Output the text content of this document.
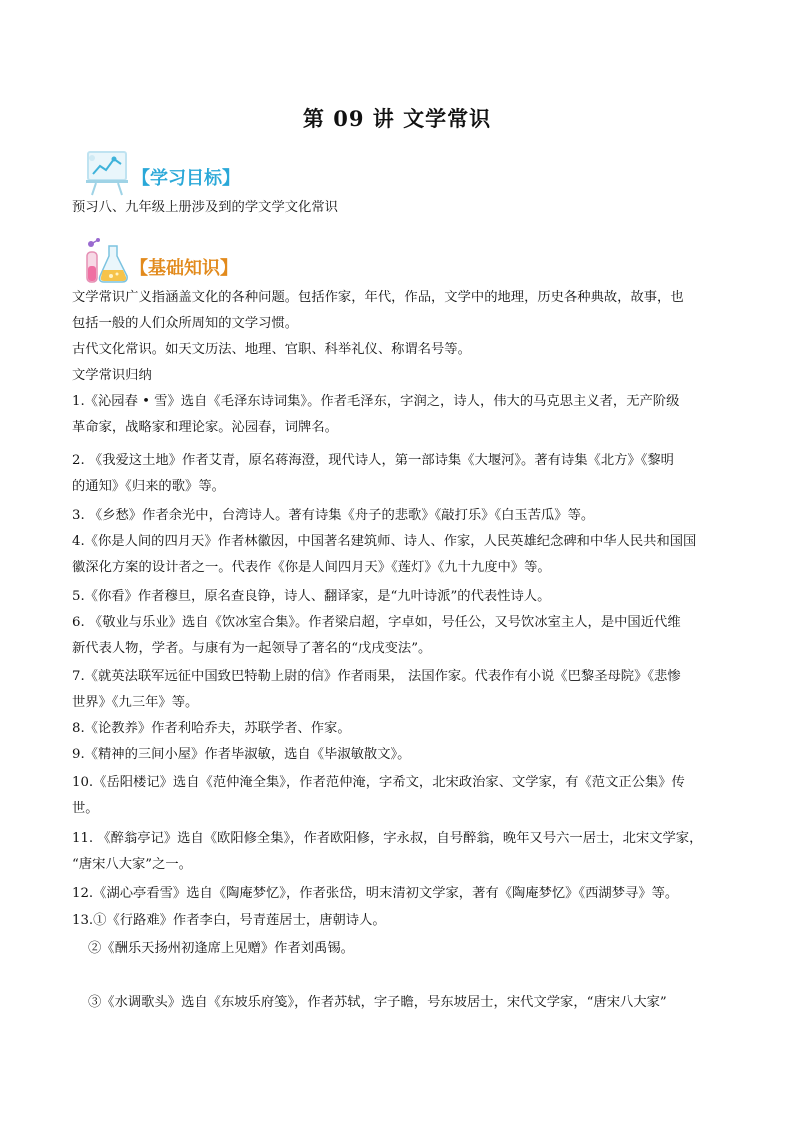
第 09 讲 文学常识
【学习目标】
预习八、九年级上册涉及到的学文学文化常识
【基础知识】
文学常识广义指涵盖文化的各种问题。包括作家，年代，作品，文学中的地理，历史各种典故，故事，也
包括一般的人们众所周知的文学习惯。
古代文化常识。如天文历法、地理、官职、科举礼仪、称谓名号等。
文学常识归纳
1.《沁园春 • 雪》选自《毛泽东诗词集》。作者毛泽东，字润之，诗人，伟大的马克思主义者，无产阶级
革命家，战略家和理论家。沁园春，词牌名。
2. 《我爱这土地》作者艾青，原名蒋海澄，现代诗人，第一部诗集《大堰河》。著有诗集《北方》《黎明
的通知》《归来的歌》等。
3. 《乡愁》作者余光中，台湾诗人。著有诗集《舟子的悲歌》《敲打乐》《白玉苦瓜》等。
4.《你是人间的四月天》作者林徽因，中国著名建筑师、诗人、作家，人民英雄纪念碑和中华人民共和国国
徽深化方案的设计者之一。代表作《你是人间四月天》《莲灯》《九十九度中》等。
5.《你看》作者穆旦，原名查良铮，诗人、翻译家，是“九叶诗派”的代表性诗人。
6. 《敬业与乐业》选自《饮冰室合集》。作者梁启超，字卓如，号任公，又号饮冰室主人，是中国近代维
新代表人物，学者。与康有为一起领导了著名的“戊戌变法”。
7.《就英法联军远征中国致巴特勒上尉的信》作者雨果， 法国作家。代表作有小说《巴黎圣母院》《悲惨
世界》《九三年》等。
8.《论教养》作者利哈乔夫，苏联学者、作家。
9.《精神的三间小屋》作者毕淑敏，选自《毕淑敏散文》。
10.《岳阳楼记》选自《范仲淹全集》，作者范仲淹，字希文，北宋政治家、文学家，有《范文正公集》传
世。
11. 《醉翁亭记》选自《欧阳修全集》，作者欧阳修，字永叔，自号醉翁，晚年又号六一居士，北宋文学家，
“唐宋八大家”之一。
12.《湖心亭看雪》选自《陶庵梦忆》，作者张岱，明末清初文学家，著有《陶庵梦忆》《西湖梦寻》等。
13.①《行路难》作者李白，号青莲居士，唐朝诗人。
②《酬乐天扬州初逢席上见赠》作者刘禹锡。
③《水调歌头》选自《东坡乐府笺》，作者苏轼，字子瞻，号东坡居士，宋代文学家，“唐宋八大家”
